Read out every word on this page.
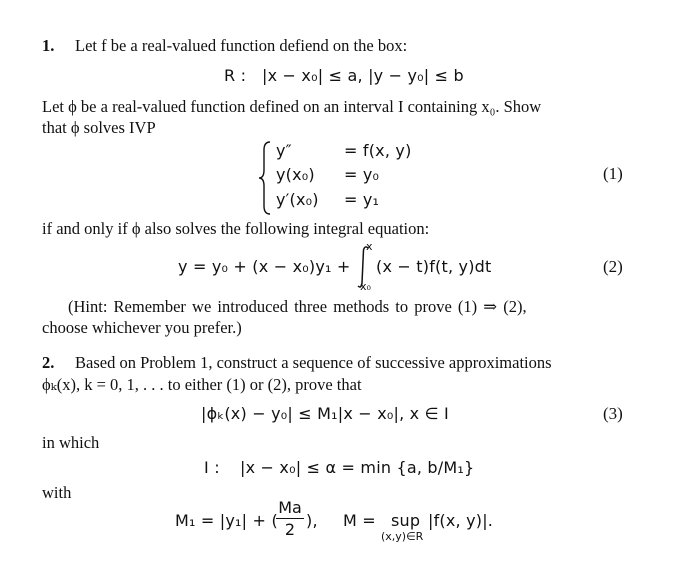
1. Let f be a real-valued function defiend on the box:
R : |x − x₀| ≤ a, |y − y₀| ≤ b
Let ϕ be a real-valued function defined on an interval I containing x₀. Show
that ϕ solves IVP
y″	= f(x, y)
y(x₀) = y₀
y′(x₀) = y₁
(1)
if and only if ϕ also solves the following integral equation:
y = y₀ + (x − x₀)y₁ +
x
x₀
(x − t)f(t, y)dt	(2)
(Hint: Remember we introduced three methods to prove (1) ⇒ (2),
choose whichever you prefer.)
2. Based on Problem 1, construct a sequence of successive approximations
ϕₖ(x), k = 0, 1, . . . to either (1) or (2), prove that
|ϕₖ(x) − y₀| ≤ M₁|x − x₀|, x ∈ I	(3)
in which
I : |x − x₀| ≤ α = min {a, b/M₁}
with
M₁ = |y₁| + (
Ma
2 ), M = sup
(x,y)∈R
|f(x, y)|.
